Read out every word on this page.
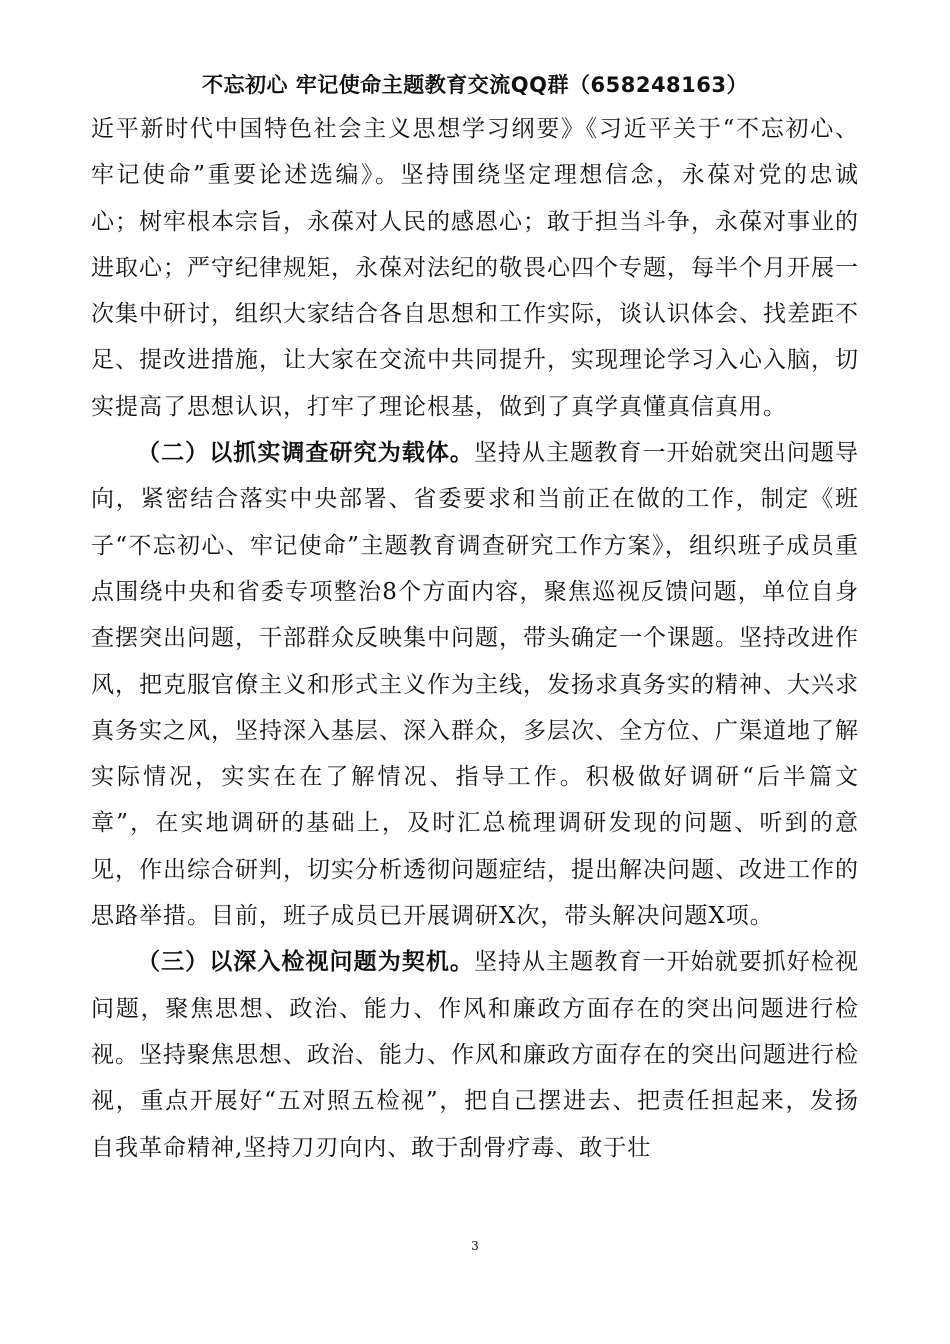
不忘初心 牢记使命主题教育交流QQ群（658248163）

近平新时代中国特色社会主义思想学习纲要》《习近平关于“不忘初心、牢记使命”重要论述选编》。坚持围绕坚定理想信念，永葆对党的忠诚心；树牢根本宗旨，永葆对人民的感恩心；敢于担当斗争，永葆对事业的进取心；严守纪律规矩，永葆对法纪的敬畏心四个专题，每半个月开展一次集中研讨，组织大家结合各自思想和工作实际，谈认识体会、找差距不足、提改进措施，让大家在交流中共同提升，实现理论学习入心入脑，切实提高了思想认识，打牢了理论根基，做到了真学真懂真信真用。

（二）以抓实调查研究为载体。坚持从主题教育一开始就突出问题导向，紧密结合落实中央部署、省委要求和当前正在做的工作，制定《班子“不忘初心、牢记使命”主题教育调查研究工作方案》，组织班子成员重点围绕中央和省委专项整治8个方面内容，聚焦巡视反馈问题，单位自身查摆突出问题，干部群众反映集中问题，带头确定一个课题。坚持改进作风，把克服官僚主义和形式主义作为主线，发扬求真务实的精神、大兴求真务实之风，坚持深入基层、深入群众，多层次、全方位、广渠道地了解实际情况，实实在在了解情况、指导工作。积极做好调研“后半篇文章”，在实地调研的基础上，及时汇总梳理调研发现的问题、听到的意见，作出综合研判，切实分析透彻问题症结，提出解决问题、改进工作的思路举措。目前，班子成员已开展调研X次，带头解决问题X项。

（三）以深入检视问题为契机。坚持从主题教育一开始就要抓好检视问题，聚焦思想、政治、能力、作风和廉政方面存在的突出问题进行检视。坚持聚焦思想、政治、能力、作风和廉政方面存在的突出问题进行检视，重点开展好“五对照五检视”，把自己摆进去、把责任担起来，发扬自我革命精神,坚持刀刃向内、敢于刮骨疗毒、敢于壮

3
